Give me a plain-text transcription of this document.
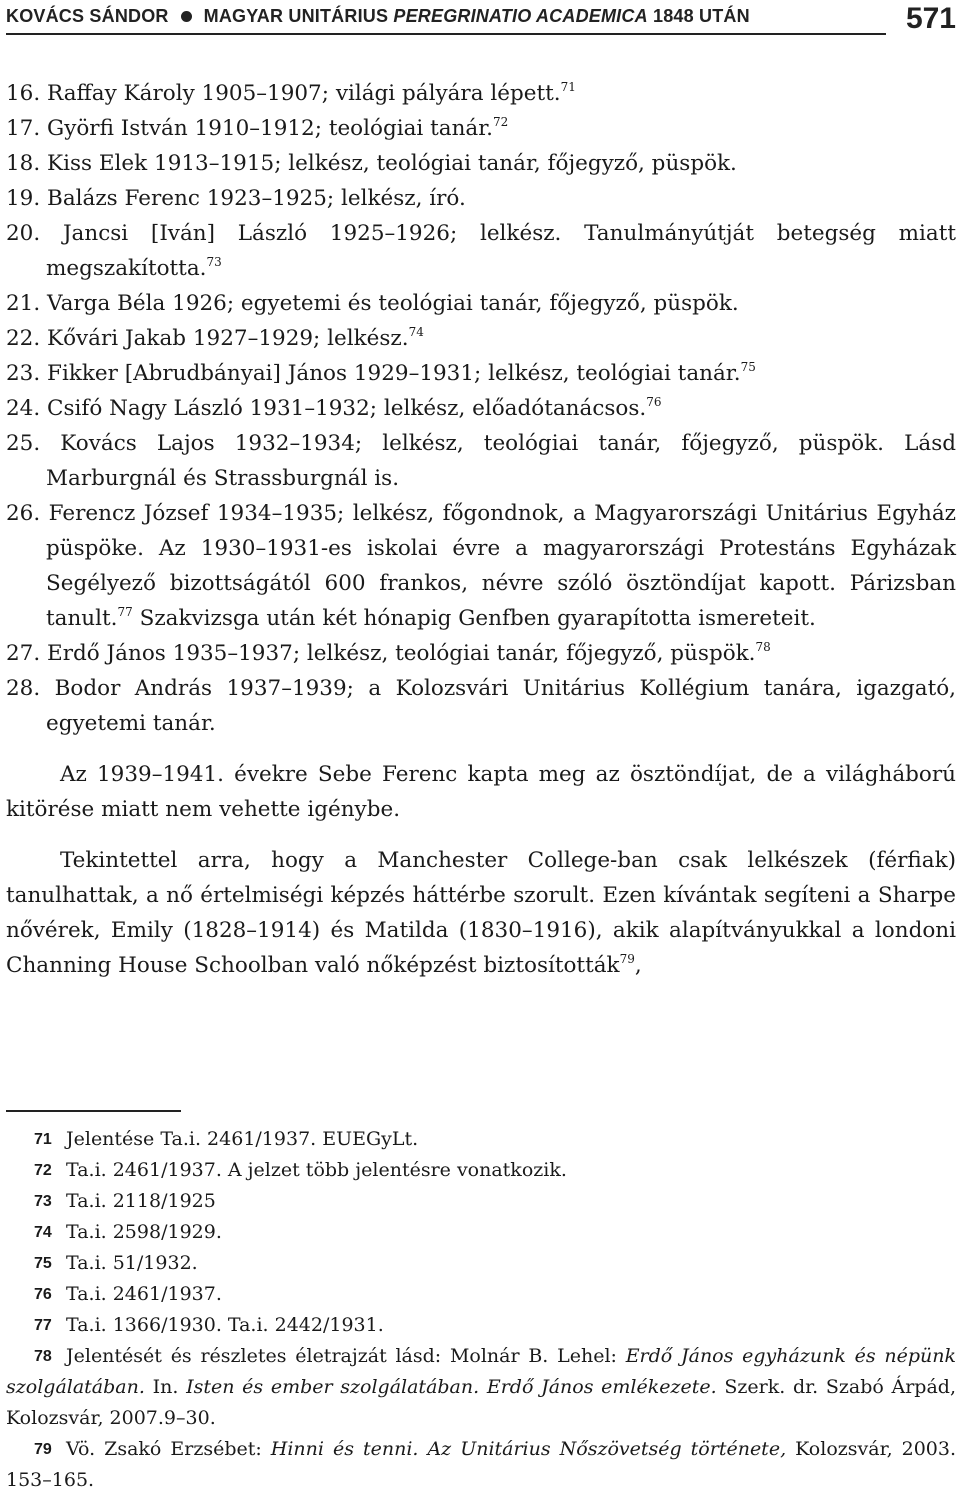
KOVÁCS SÁNDOR MAGYAR UNITÁRIUS PEREGRINATIO ACADEMICA 1848 UTÁN	571

16. Raffay Károly 1905–1907; világi pályára lépett.$^{71}$

17. Györfi István 1910–1912; teológiai tanár.$^{72}$

18. Kiss Elek 1913–1915; lelkész, teológiai tanár, főjegyző, püspök.

19. Balázs Ferenc 1923–1925; lelkész, író.

20. Jancsi [Iván] László 1925–1926; lelkész. Tanulmányútját betegség miatt megszakította.$^{73}$

21. Varga Béla 1926; egyetemi és teológiai tanár, főjegyző, püspök.

22. Kővári Jakab 1927–1929; lelkész.$^{74}$

23. Fikker [Abrudbányai] János 1929–1931; lelkész, teológiai tanár.$^{75}$

24. Csifó Nagy László 1931–1932; lelkész, előadótanácsos.$^{76}$

25. Kovács Lajos 1932–1934; lelkész, teológiai tanár, főjegyző, püspök. Lásd Marburgnál és Strassburgnál is.

26. Ferencz József 1934–1935; lelkész, főgondnok, a Magyarországi Unitárius Egyház püspöke. Az 1930–1931-es iskolai évre a magyarországi Protestáns Egyházak Segélyező bizottságától 600 frankos, névre szóló ösztöndíjat kapott. Párizsban tanult.$^{77}$ Szakvizsga után két hónapig Genfben gyarapította ismereteit.

27. Erdő János 1935–1937; lelkész, teológiai tanár, főjegyző, püspök.$^{78}$

28. Bodor András 1937–1939; a Kolozsvári Unitárius Kollégium tanára, igazgató, egyetemi tanár.

Az 1939–1941. évekre Sebe Ferenc kapta meg az ösztöndíjat, de a világháború kitörése miatt nem vehette igénybe.

Tekintettel arra, hogy a Manchester College-ban csak lelkészek (férfiak) tanulhattak, a nő értelmiségi képzés háttérbe szorult. Ezen kívántak segíteni a Sharpe nővérek, Emily (1828–1914) és Matilda (1830–1916), akik alapítványukkal a londoni Channing House Schoolban való nőképzést biztosították$^{79}$,

71 Jelentése Ta.i. 2461/1937. EUEGyLt.
72 Ta.i. 2461/1937. A jelzet több jelentésre vonatkozik.
73 Ta.i. 2118/1925
74 Ta.i. 2598/1929.
75 Ta.i. 51/1932.
76 Ta.i. 2461/1937.
77 Ta.i. 1366/1930. Ta.i. 2442/1931.
78 Jelentését és részletes életrajzát lásd: Molnár B. Lehel: Erdő János egyházunk és népünk szolgálatában. In. Isten és ember szolgálatában. Erdő János emlékezete. Szerk. dr. Szabó Árpád, Kolozsvár, 2007.9–30.
79 Vö. Zsakó Erzsébet: Hinni és tenni. Az Unitárius Nőszövetség története, Kolozsvár, 2003. 153–165.
